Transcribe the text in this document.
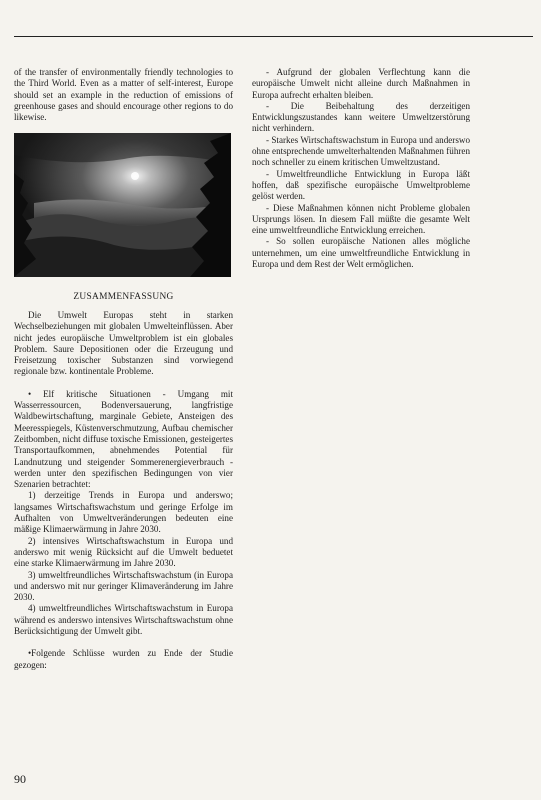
of the transfer of environmentally friendly technologies to the Third World. Even as a matter of self-interest, Europe should set an example in the reduction of emissions of greenhouse gases and should encourage other regions to do likewise.

ZUSAMMENFASSUNG

Die Umwelt Europas steht in starken Wechselbeziehungen mit globalen Umwelteinflüssen. Aber nicht jedes europäische Umweltproblem ist ein globales Problem. Saure Depositionen oder die Erzeugung und Freisetzung toxischer Substanzen sind vorwiegend regionale bzw. kontinentale Probleme.

• Elf kritische Situationen - Umgang mit Wasserressourcen, Bodenversauerung, langfristige Waldbewirtschaftung, marginale Gebiete, Ansteigen des Meeresspiegels, Küstenverschmutzung, Aufbau chemischer Zeitbomben, nicht diffuse toxische Emissionen, gesteigertes Transportaufkommen, abnehmendes Potential für Landnutzung und steigender Sommerenergieverbrauch - werden unter den spezifischen Bedingungen von vier Szenarien betrachtet:

1) derzeitige Trends in Europa und anderswo; langsames Wirtschaftswachstum und geringe Erfolge im Aufhalten von Umweltveränderungen bedeuten eine mäßige Klimaerwärmung in Jahre 2030.

2) intensives Wirtschaftswachstum in Europa und anderswo mit wenig Rücksicht auf die Umwelt beduetet eine starke Klimaerwärmung im Jahre 2030.

3) umweltfreundliches Wirtschaftswachstum (in Europa und anderswo mit nur geringer Klimaveränderung im Jahre 2030.

4) umweltfreundliches Wirtschaftswachstum in Europa während es anderswo intensives Wirtschaftswachstum ohne Berücksichtigung der Umwelt gibt.

•Folgende Schlüsse wurden zu Ende der Studie gezogen:

- Aufgrund der globalen Verflechtung kann die europäische Umwelt nicht alleine durch Maßnahmen in Europa aufrecht erhalten bleiben.

- Die Beibehaltung des derzeitigen Entwicklungszustandes kann weitere Umweltzerstörung nicht verhindern.

- Starkes Wirtschaftswachstum in Europa und anderswo ohne entsprechende umwelterhaltenden Maßnahmen führen noch schneller zu einem kritischen Umweltzustand.

- Umweltfreundliche Entwicklung in Europa läßt hoffen, daß spezifische europäische Umweltprobleme gelöst werden.

- Diese Maßnahmen können nicht Probleme globalen Ursprungs lösen. In diesem Fall müßte die gesamte Welt eine umweltfreundliche Entwicklung erreichen.

- So sollen europäische Nationen alles mögliche unternehmen, um eine umweltfreundliche Entwicklung in Europa und dem Rest der Welt ermöglichen.

90
